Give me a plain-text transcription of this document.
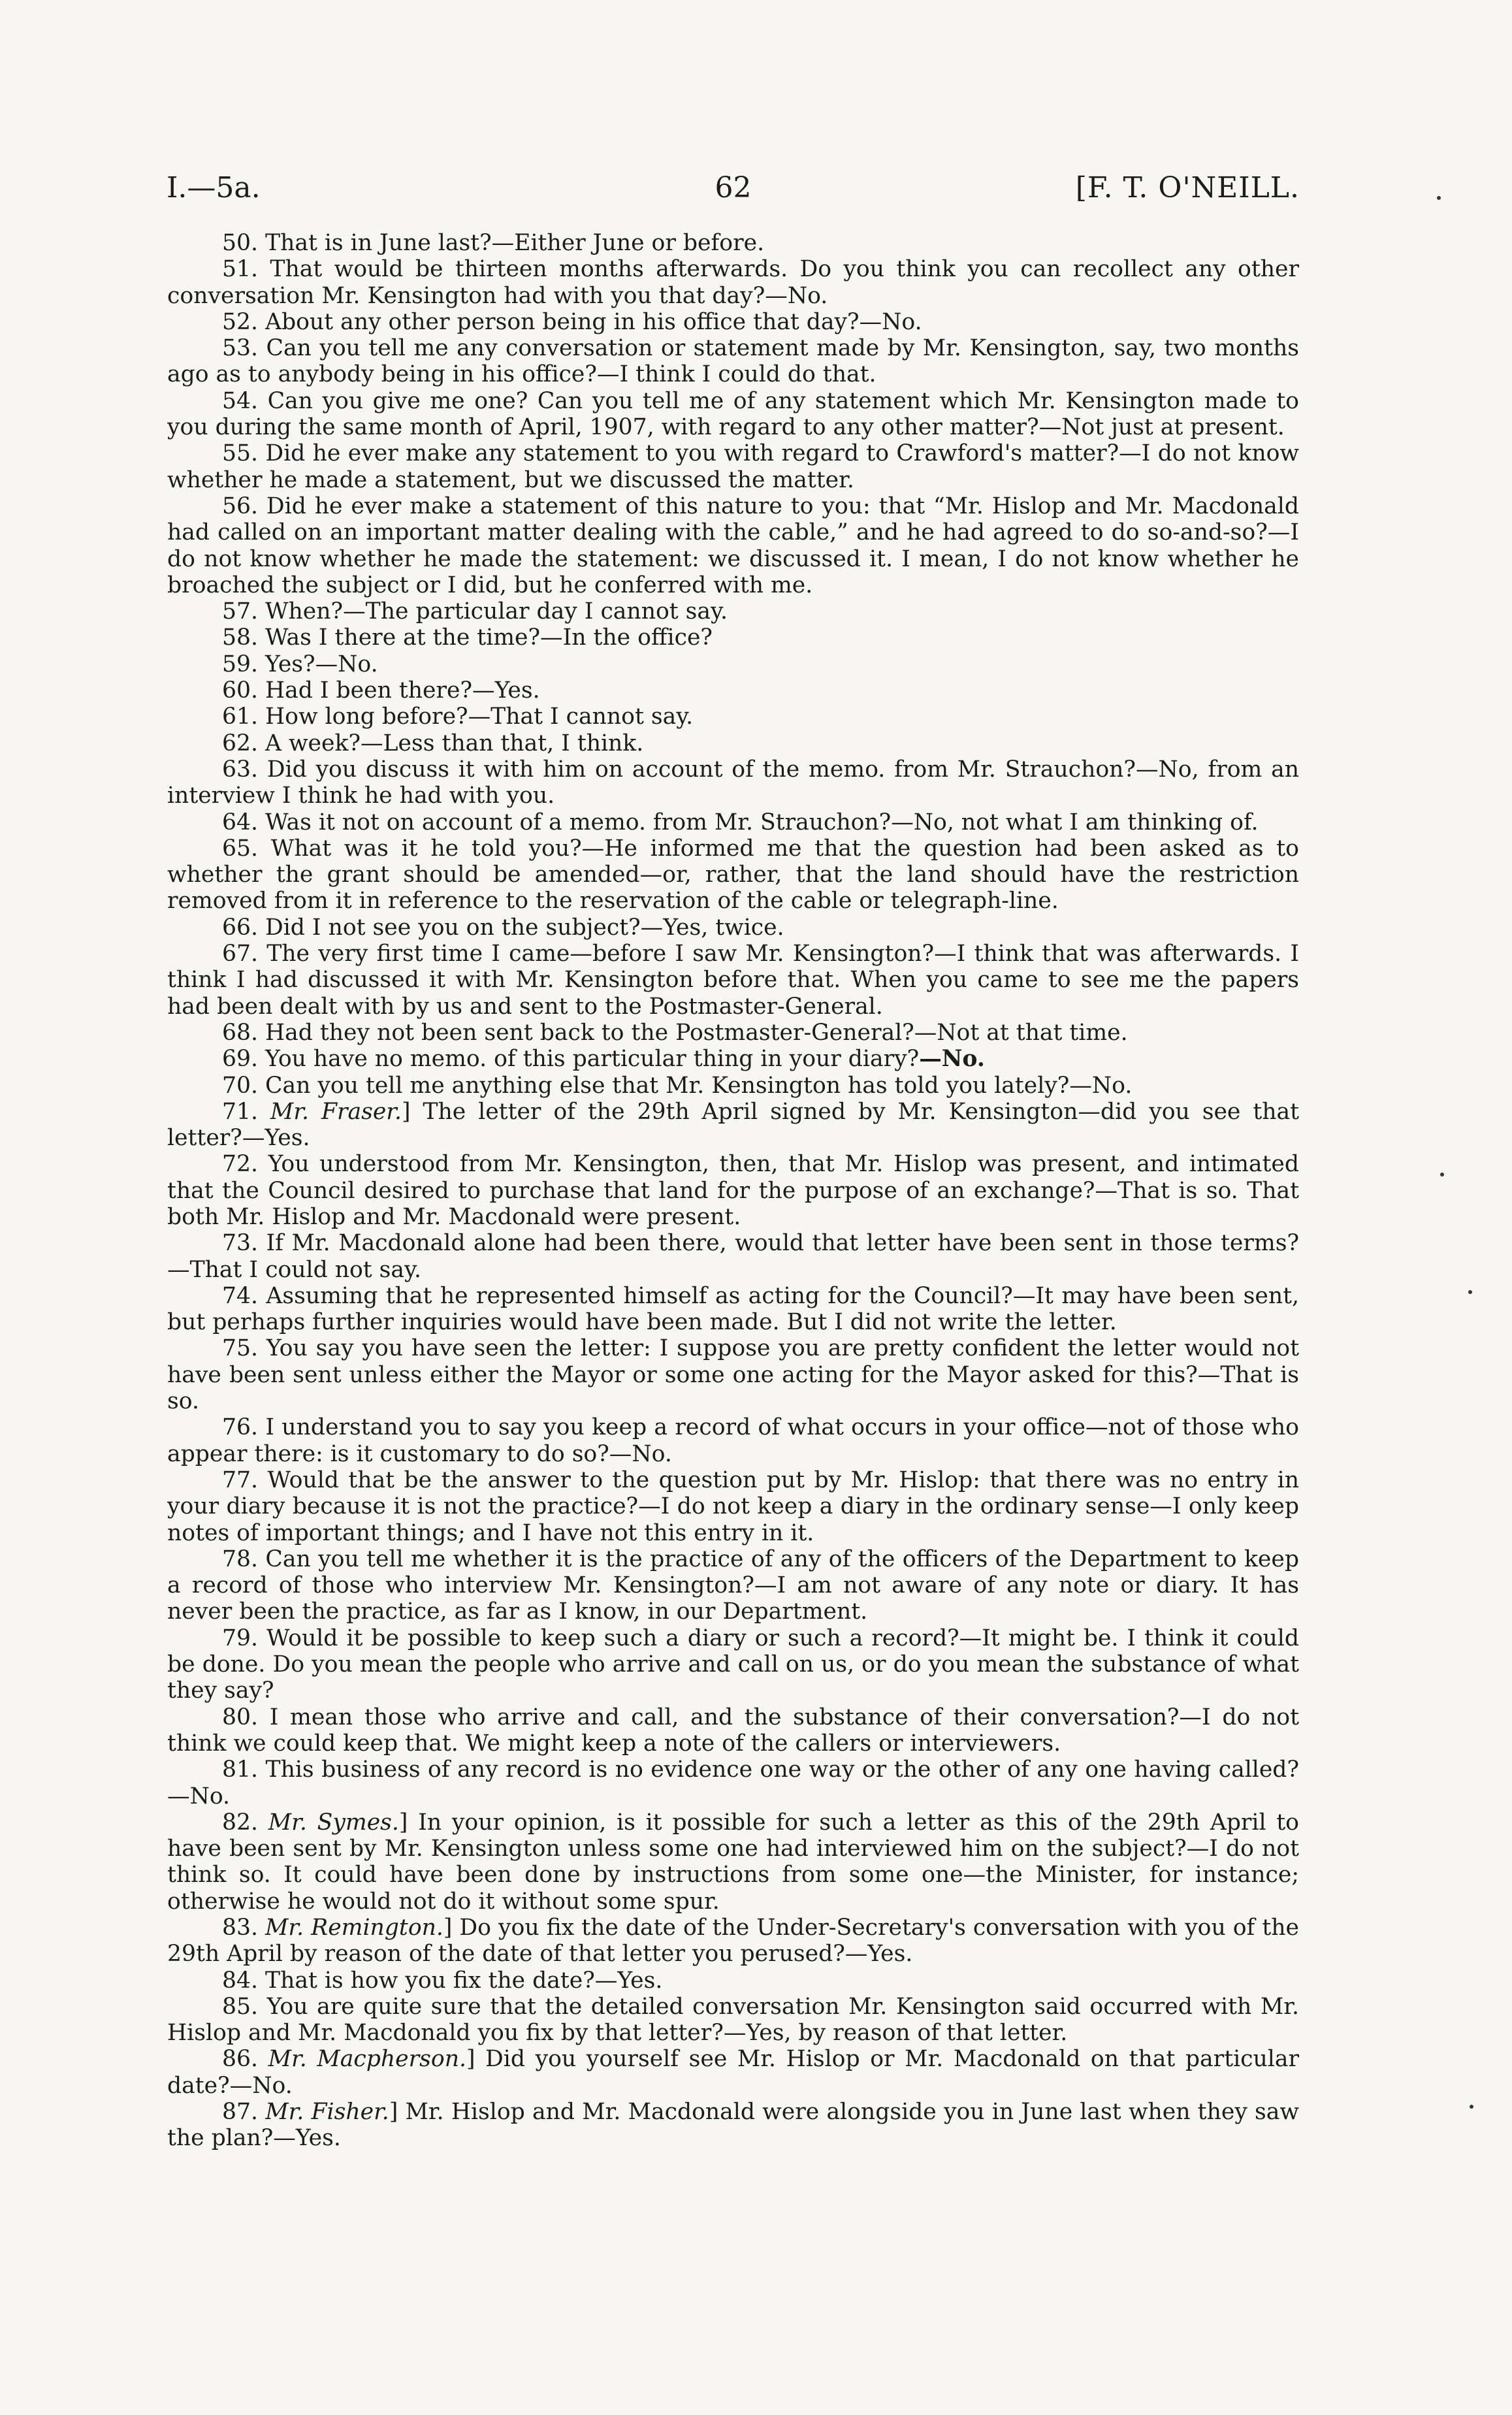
I.—5a.	62	[F. T. O'NEILL.

50. That is in June last?—Either June or before.

51. That would be thirteen months afterwards. Do you think you can recollect any other conversation Mr. Kensington had with you that day?—No.

52. About any other person being in his office that day?—No.

53. Can you tell me any conversation or statement made by Mr. Kensington, say, two months ago as to anybody being in his office?—I think I could do that.

54. Can you give me one? Can you tell me of any statement which Mr. Kensington made to you during the same month of April, 1907, with regard to any other matter?—Not just at present.

55. Did he ever make any statement to you with regard to Crawford's matter?—I do not know whether he made a statement, but we discussed the matter.

56. Did he ever make a statement of this nature to you: that “Mr. Hislop and Mr. Macdonald had called on an important matter dealing with the cable,” and he had agreed to do so-and-so?—I do not know whether he made the statement: we discussed it. I mean, I do not know whether he broached the subject or I did, but he conferred with me.

57. When?—The particular day I cannot say.

58. Was I there at the time?—In the office?

59. Yes?—No.

60. Had I been there?—Yes.

61. How long before?—That I cannot say.

62. A week?—Less than that, I think.

63. Did you discuss it with him on account of the memo. from Mr. Strauchon?—No, from an interview I think he had with you.

64. Was it not on account of a memo. from Mr. Strauchon?—No, not what I am thinking of.

65. What was it he told you?—He informed me that the question had been asked as to whether the grant should be amended—or, rather, that the land should have the restriction removed from it in reference to the reservation of the cable or telegraph-line.

66. Did I not see you on the subject?—Yes, twice.

67. The very first time I came—before I saw Mr. Kensington?—I think that was afterwards. I think I had discussed it with Mr. Kensington before that. When you came to see me the papers had been dealt with by us and sent to the Postmaster-General.

68. Had they not been sent back to the Postmaster-General?—Not at that time.

69. You have no memo. of this particular thing in your diary?—No.

70. Can you tell me anything else that Mr. Kensington has told you lately?—No.

71. Mr. Fraser.] The letter of the 29th April signed by Mr. Kensington—did you see that letter?—Yes.

72. You understood from Mr. Kensington, then, that Mr. Hislop was present, and intimated that the Council desired to purchase that land for the purpose of an exchange?—That is so. That both Mr. Hislop and Mr. Macdonald were present.

73. If Mr. Macdonald alone had been there, would that letter have been sent in those terms?—That I could not say.

74. Assuming that he represented himself as acting for the Council?—It may have been sent, but perhaps further inquiries would have been made. But I did not write the letter.

75. You say you have seen the letter: I suppose you are pretty confident the letter would not have been sent unless either the Mayor or some one acting for the Mayor asked for this?—That is so.

76. I understand you to say you keep a record of what occurs in your office—not of those who appear there: is it customary to do so?—No.

77. Would that be the answer to the question put by Mr. Hislop: that there was no entry in your diary because it is not the practice?—I do not keep a diary in the ordinary sense—I only keep notes of important things; and I have not this entry in it.

78. Can you tell me whether it is the practice of any of the officers of the Department to keep a record of those who interview Mr. Kensington?—I am not aware of any note or diary. It has never been the practice, as far as I know, in our Department.

79. Would it be possible to keep such a diary or such a record?—It might be. I think it could be done. Do you mean the people who arrive and call on us, or do you mean the substance of what they say?

80. I mean those who arrive and call, and the substance of their conversation?—I do not think we could keep that. We might keep a note of the callers or interviewers.

81. This business of any record is no evidence one way or the other of any one having called?—No.

82. Mr. Symes.] In your opinion, is it possible for such a letter as this of the 29th April to have been sent by Mr. Kensington unless some one had interviewed him on the subject?—I do not think so. It could have been done by instructions from some one—the Minister, for instance; otherwise he would not do it without some spur.

83. Mr. Remington.] Do you fix the date of the Under-Secretary's conversation with you of the 29th April by reason of the date of that letter you perused?—Yes.

84. That is how you fix the date?—Yes.

85. You are quite sure that the detailed conversation Mr. Kensington said occurred with Mr. Hislop and Mr. Macdonald you fix by that letter?—Yes, by reason of that letter.

86. Mr. Macpherson.] Did you yourself see Mr. Hislop or Mr. Macdonald on that particular date?—No.

87. Mr. Fisher.] Mr. Hislop and Mr. Macdonald were alongside you in June last when they saw the plan?—Yes.
